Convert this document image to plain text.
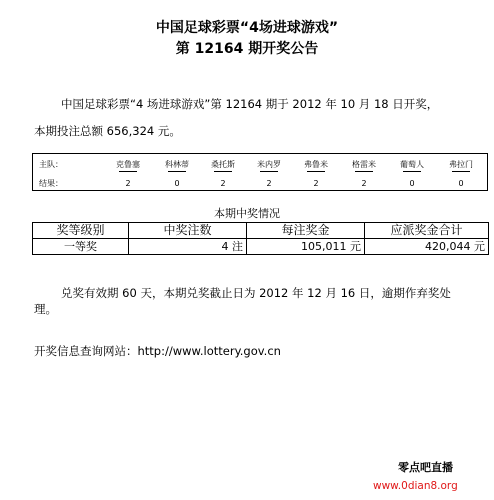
中国足球彩票“4场进球游戏”
第 12164 期开奖公告
中国足球彩票“4 场进球游戏”第 12164 期于 2012 年 10 月 18 日开奖，
本期投注总额 656,324 元。
主队：	克鲁塞	科林蒂	桑托斯	米内罗	弗鲁米	格雷米	葡萄人	弗拉门
结果：	2	0	2	2	2	2	0	0
本期中奖情况
奖等级别	中奖注数	每注奖金	应派奖金合计
一等奖	4 注	105,011 元	420,044 元
兑奖有效期 60 天，本期兑奖截止日为 2012 年 12 月 16 日，逾期作弃奖处
理。
开奖信息查询网站：http://www.lottery.gov.cn
零点吧直播
www.0dian8.org
